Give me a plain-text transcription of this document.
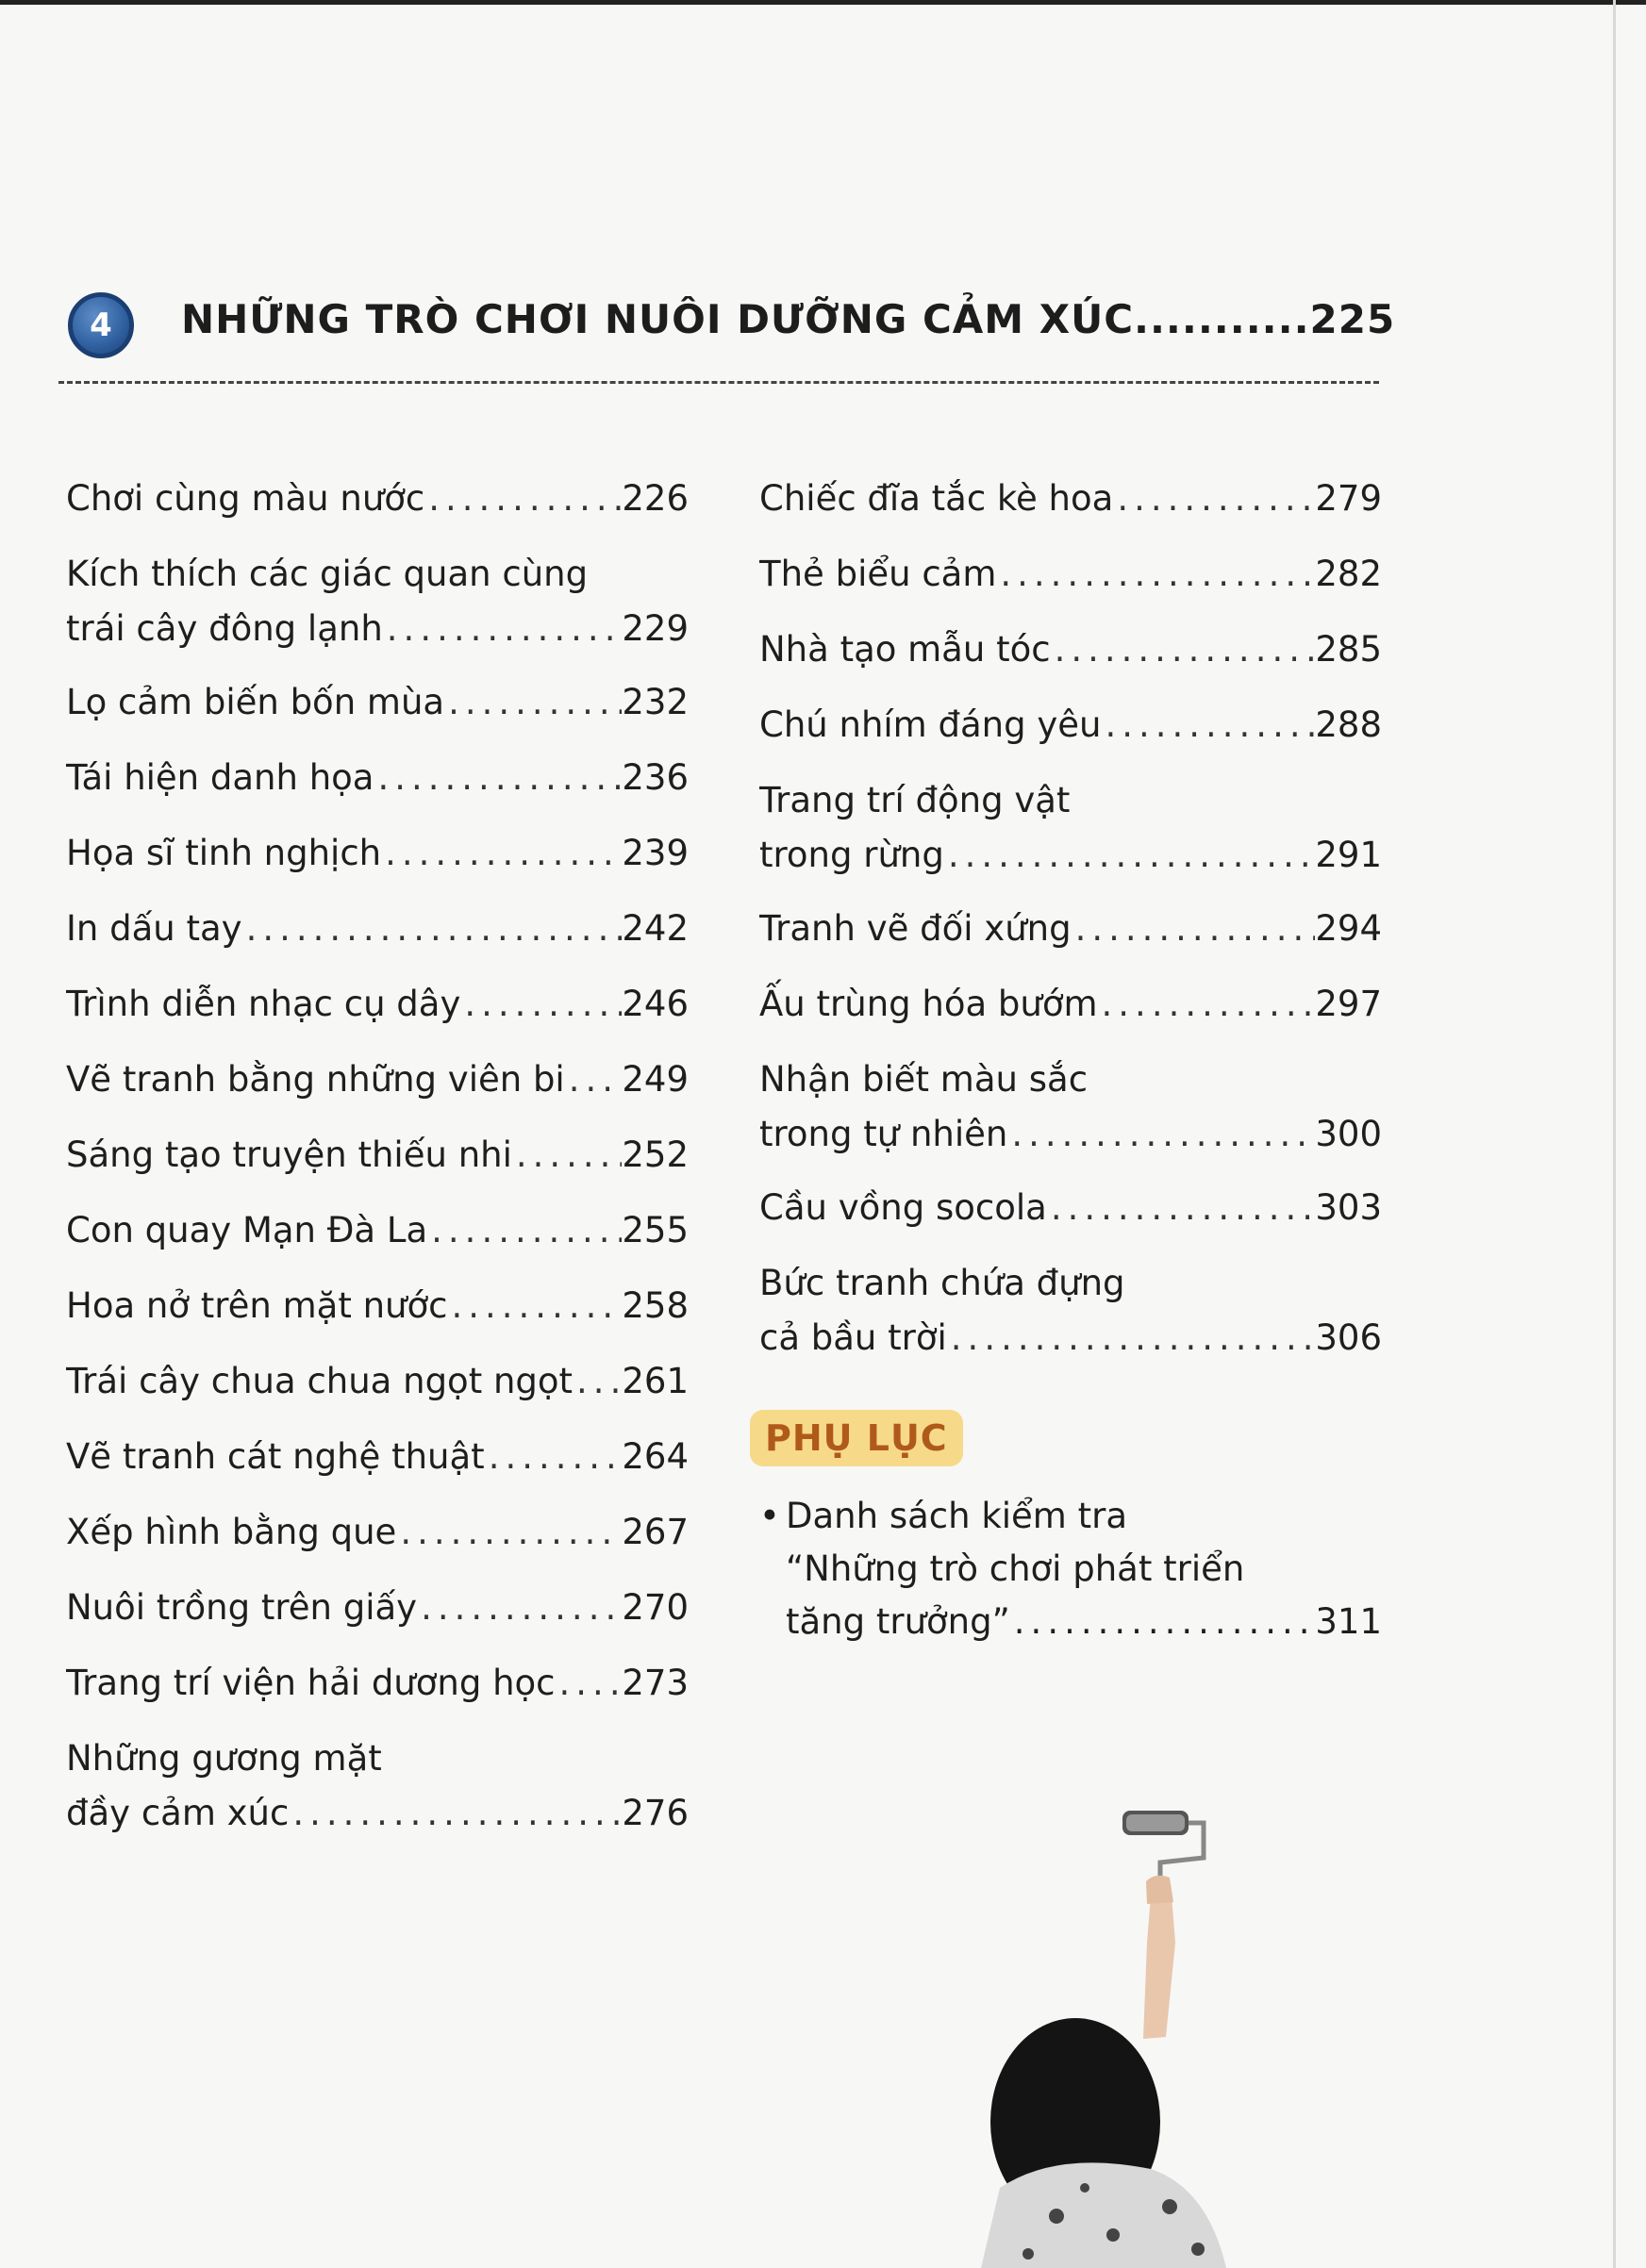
4	NHỮNG TRÒ CHƠI NUÔI DƯỠNG CẢM XÚC...........225
Chơi cùng màu nước .....	226
Kích thích các giác quan cùng
trái cây đông lạnh .....	229
Lọ cảm biến bốn mùa .....	232
Tái hiện danh họa .....	236
Họa sĩ tinh nghịch .....	239
In dấu tay .....	242
Trình diễn nhạc cụ dây .....	246
Vẽ tranh bằng những viên bi ..... 249
Sáng tạo truyện thiếu nhi .....	252
Con quay Mạn Đà La .....	255
Hoa nở trên mặt nước .....	258
Trái cây chua chua ngọt ngọt ..... 261
Vẽ tranh cát nghệ thuật .....	264
Xếp hình bằng que .....	267
Nuôi trồng trên giấy .....	270
Trang trí viện hải dương học ..... 273
Những gương mặt
đầy cảm xúc .....	276
Chiếc đĩa tắc kè hoa .....	279
Thẻ biểu cảm .....	282
Nhà tạo mẫu tóc .....	285
Chú nhím đáng yêu .....	288
Trang trí động vật
trong rừng .....	291
Tranh vẽ đối xứng .....	294
Ấu trùng hóa bướm .....	297
Nhận biết màu sắc
trong tự nhiên .....	300
Cầu vồng socola .....	303
Bức tranh chứa đựng
cả bầu trời .....	306
PHỤ LỤC
• Danh sách kiểm tra
“Những trò chơi phát triển
tăng trưởng” .....	311
